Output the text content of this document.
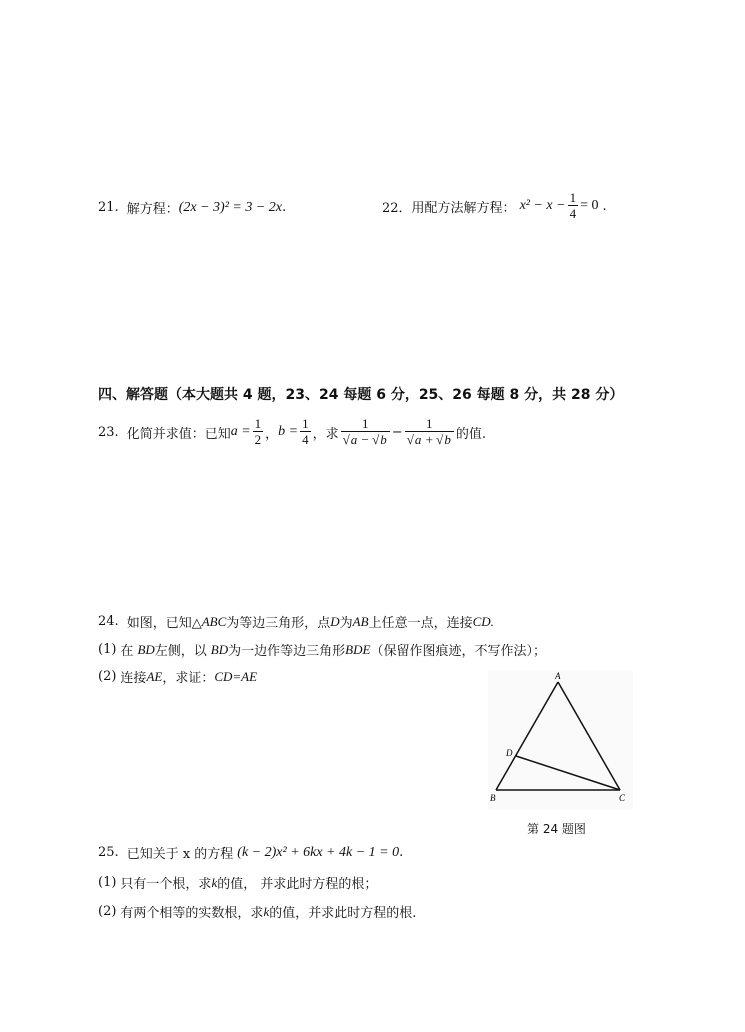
21. 解方程： (2x − 3)² = 3 − 2x .	22． 用配方法解方程： $x^2 - x - \frac{1}{4} = 0$ .
四、解答题（本大题共 4 题，23、24 每题 6 分，25、26 每题 8 分，共 28 分）
23. 化简并求值：已知 $a = \frac{1}{2}$ ， $b = \frac{1}{4}$ ， 求 $\frac{1}{√a - √b} - \frac{1}{√a + √b}$ 的值.
24. 如图，已知△ ABC 为等边三角形，点 D 为 AB 上任意一点，连接 CD.
(1) 在 BD 左侧，以 BD 为一边作等边三角形 BDE （保留作图痕迹，不写作法）；
(2) 连接 AE ，求证： CD=AE	A
B	C
D
第 24 题图
25. 已知关于 x 的方程 (k − 2)x² + 6kx + 4k − 1 = 0 .
(1) 只有一个根，求 k 的值， 并求此时方程的根；
(2) 有两个相等的实数根，求 k 的值，并求此时方程的根.
